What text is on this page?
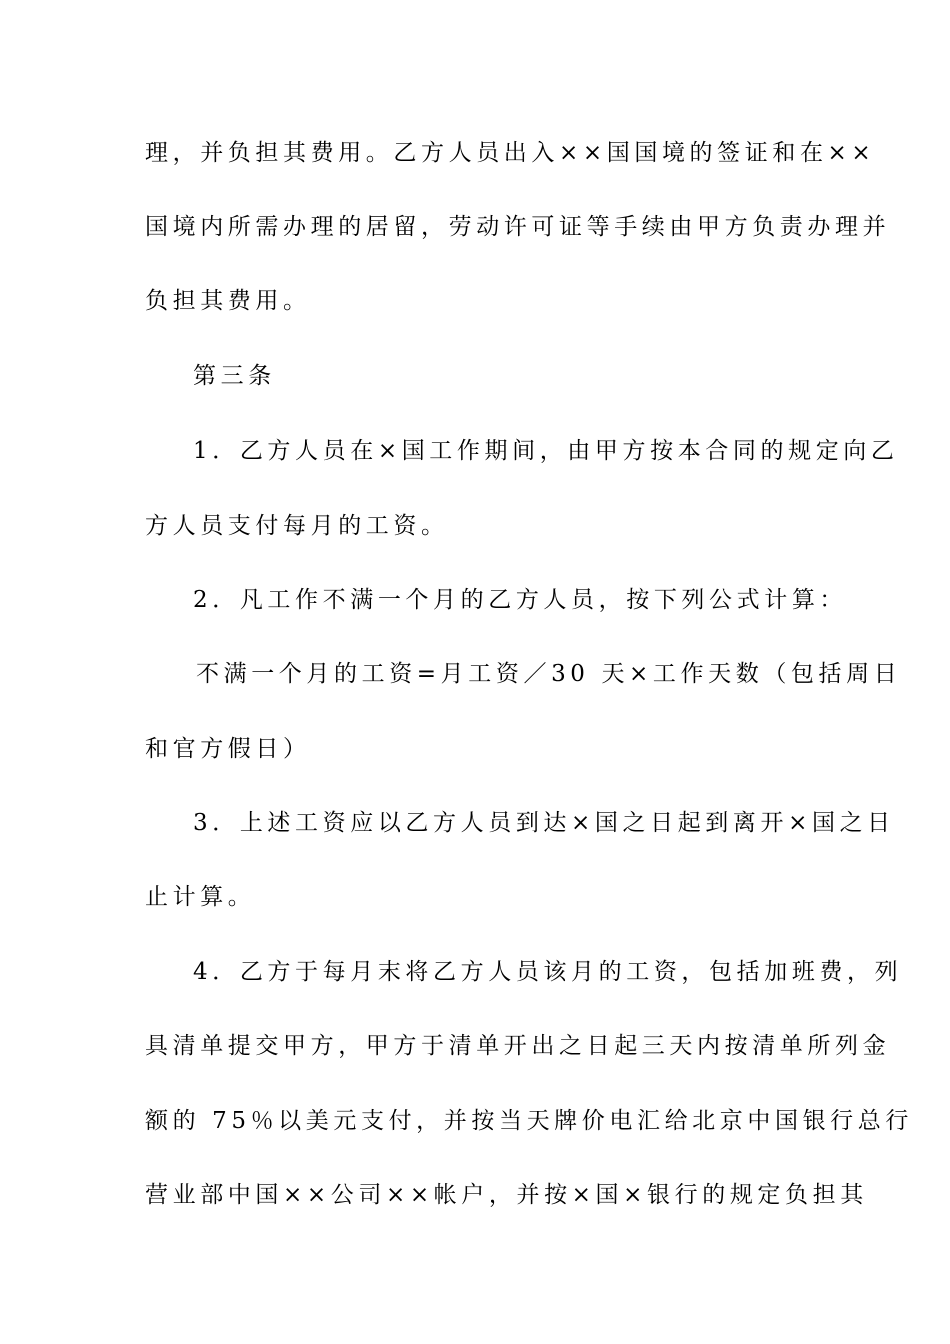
理，并负担其费用。乙方人员出入××国国境的签证和在××
国境内所需办理的居留，劳动许可证等手续由甲方负责办理并
负担其费用。
第三条
1．乙方人员在×国工作期间，由甲方按本合同的规定向乙
方人员支付每月的工资。
2．凡工作不满一个月的乙方人员，按下列公式计算：
不满一个月的工资=月工资／30 天×工作天数（包括周日
和官方假日）
3．上述工资应以乙方人员到达×国之日起到离开×国之日
止计算。
4．乙方于每月末将乙方人员该月的工资，包括加班费，列
具清单提交甲方，甲方于清单开出之日起三天内按清单所列金
额的 75％以美元支付，并按当天牌价电汇给北京中国银行总行
营业部中国××公司××帐户，并按×国×银行的规定负担其
